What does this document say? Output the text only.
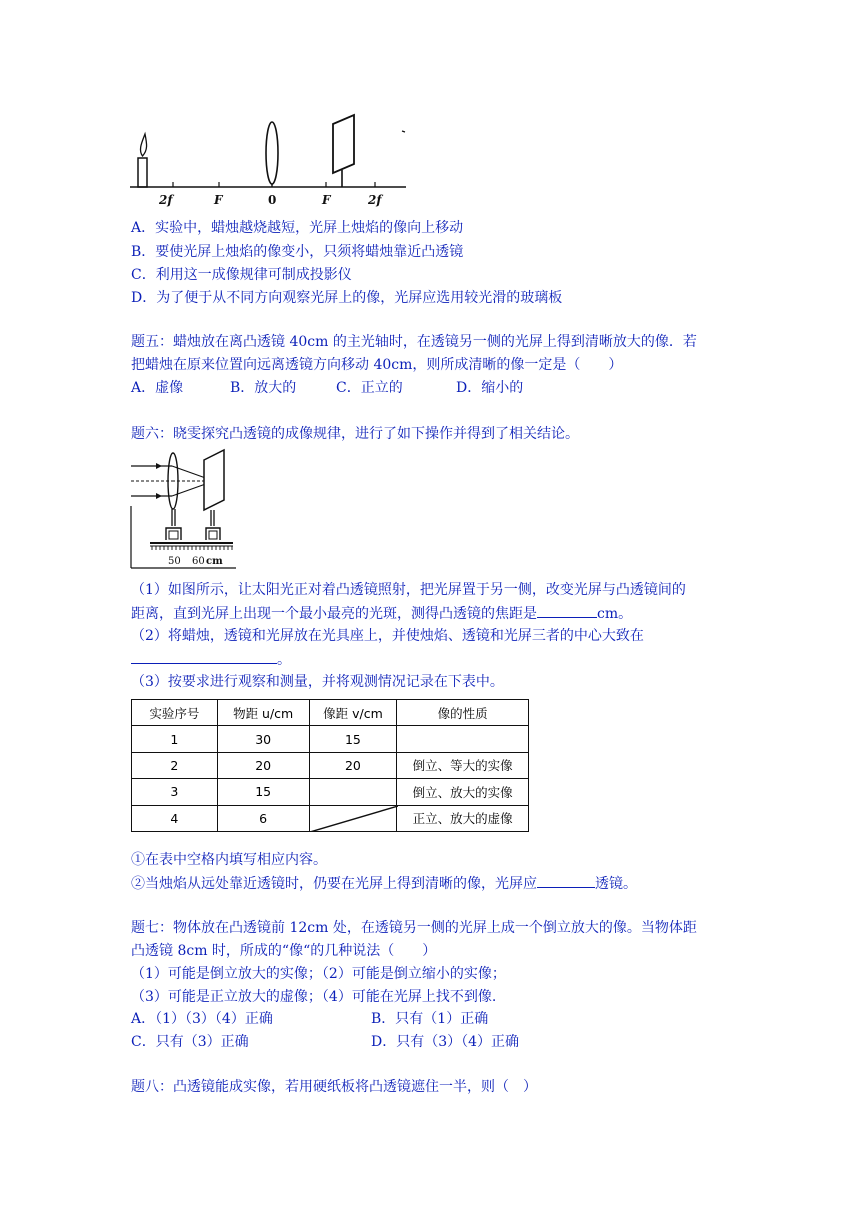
2f	F	0	F	2f
A．实验中，蜡烛越烧越短，光屏上烛焰的像向上移动
B．要使光屏上烛焰的像变小，只须将蜡烛靠近凸透镜
C．利用这一成像规律可制成投影仪
D．为了便于从不同方向观察光屏上的像，光屏应选用较光滑的玻璃板
题五：蜡烛放在离凸透镜 40cm 的主光轴时，在透镜另一侧的光屏上得到清晰放大的像．若
把蜡烛在原来位置向远离透镜方向移动 40cm，则所成清晰的像一定是（　　）
A．虚像	B．放大的	C．正立的	D．缩小的
题六：晓雯探究凸透镜的成像规律，进行了如下操作并得到了相关结论。
50 60 cm
（1）如图所示，让太阳光正对着凸透镜照射，把光屏置于另一侧，改变光屏与凸透镜间的
距离，直到光屏上出现一个最小最亮的光斑，测得凸透镜的焦距是	cm。
（2）将蜡烛，透镜和光屏放在光具座上，并使烛焰、透镜和光屏三者的中心大致在
。
（3）按要求进行观察和测量，并将观测情况记录在下表中。
实验序号	物距 u/cm	像距 v/cm	像的性质
1	30	15	
2	20	20	倒立、等大的实像
3	15		倒立、放大的实像
4	6		正立、放大的虚像
①在表中空格内填写相应内容。
②当烛焰从远处靠近透镜时，仍要在光屏上得到清晰的像，光屏应	透镜。
题七：物体放在凸透镜前 12cm 处，在透镜另一侧的光屏上成一个倒立放大的像。当物体距
凸透镜 8cm 时，所成的“像“的几种说法（　　）
（1）可能是倒立放大的实像；（2）可能是倒立缩小的实像；
（3）可能是正立放大的虚像；（4）可能在光屏上找不到像.
A．（1）（3）（4）正确	B．只有（1）正确
C．只有（3）正确	D．只有（3）（4）正确
题八：凸透镜能成实像，若用硬纸板将凸透镜遮住一半，则（　）
